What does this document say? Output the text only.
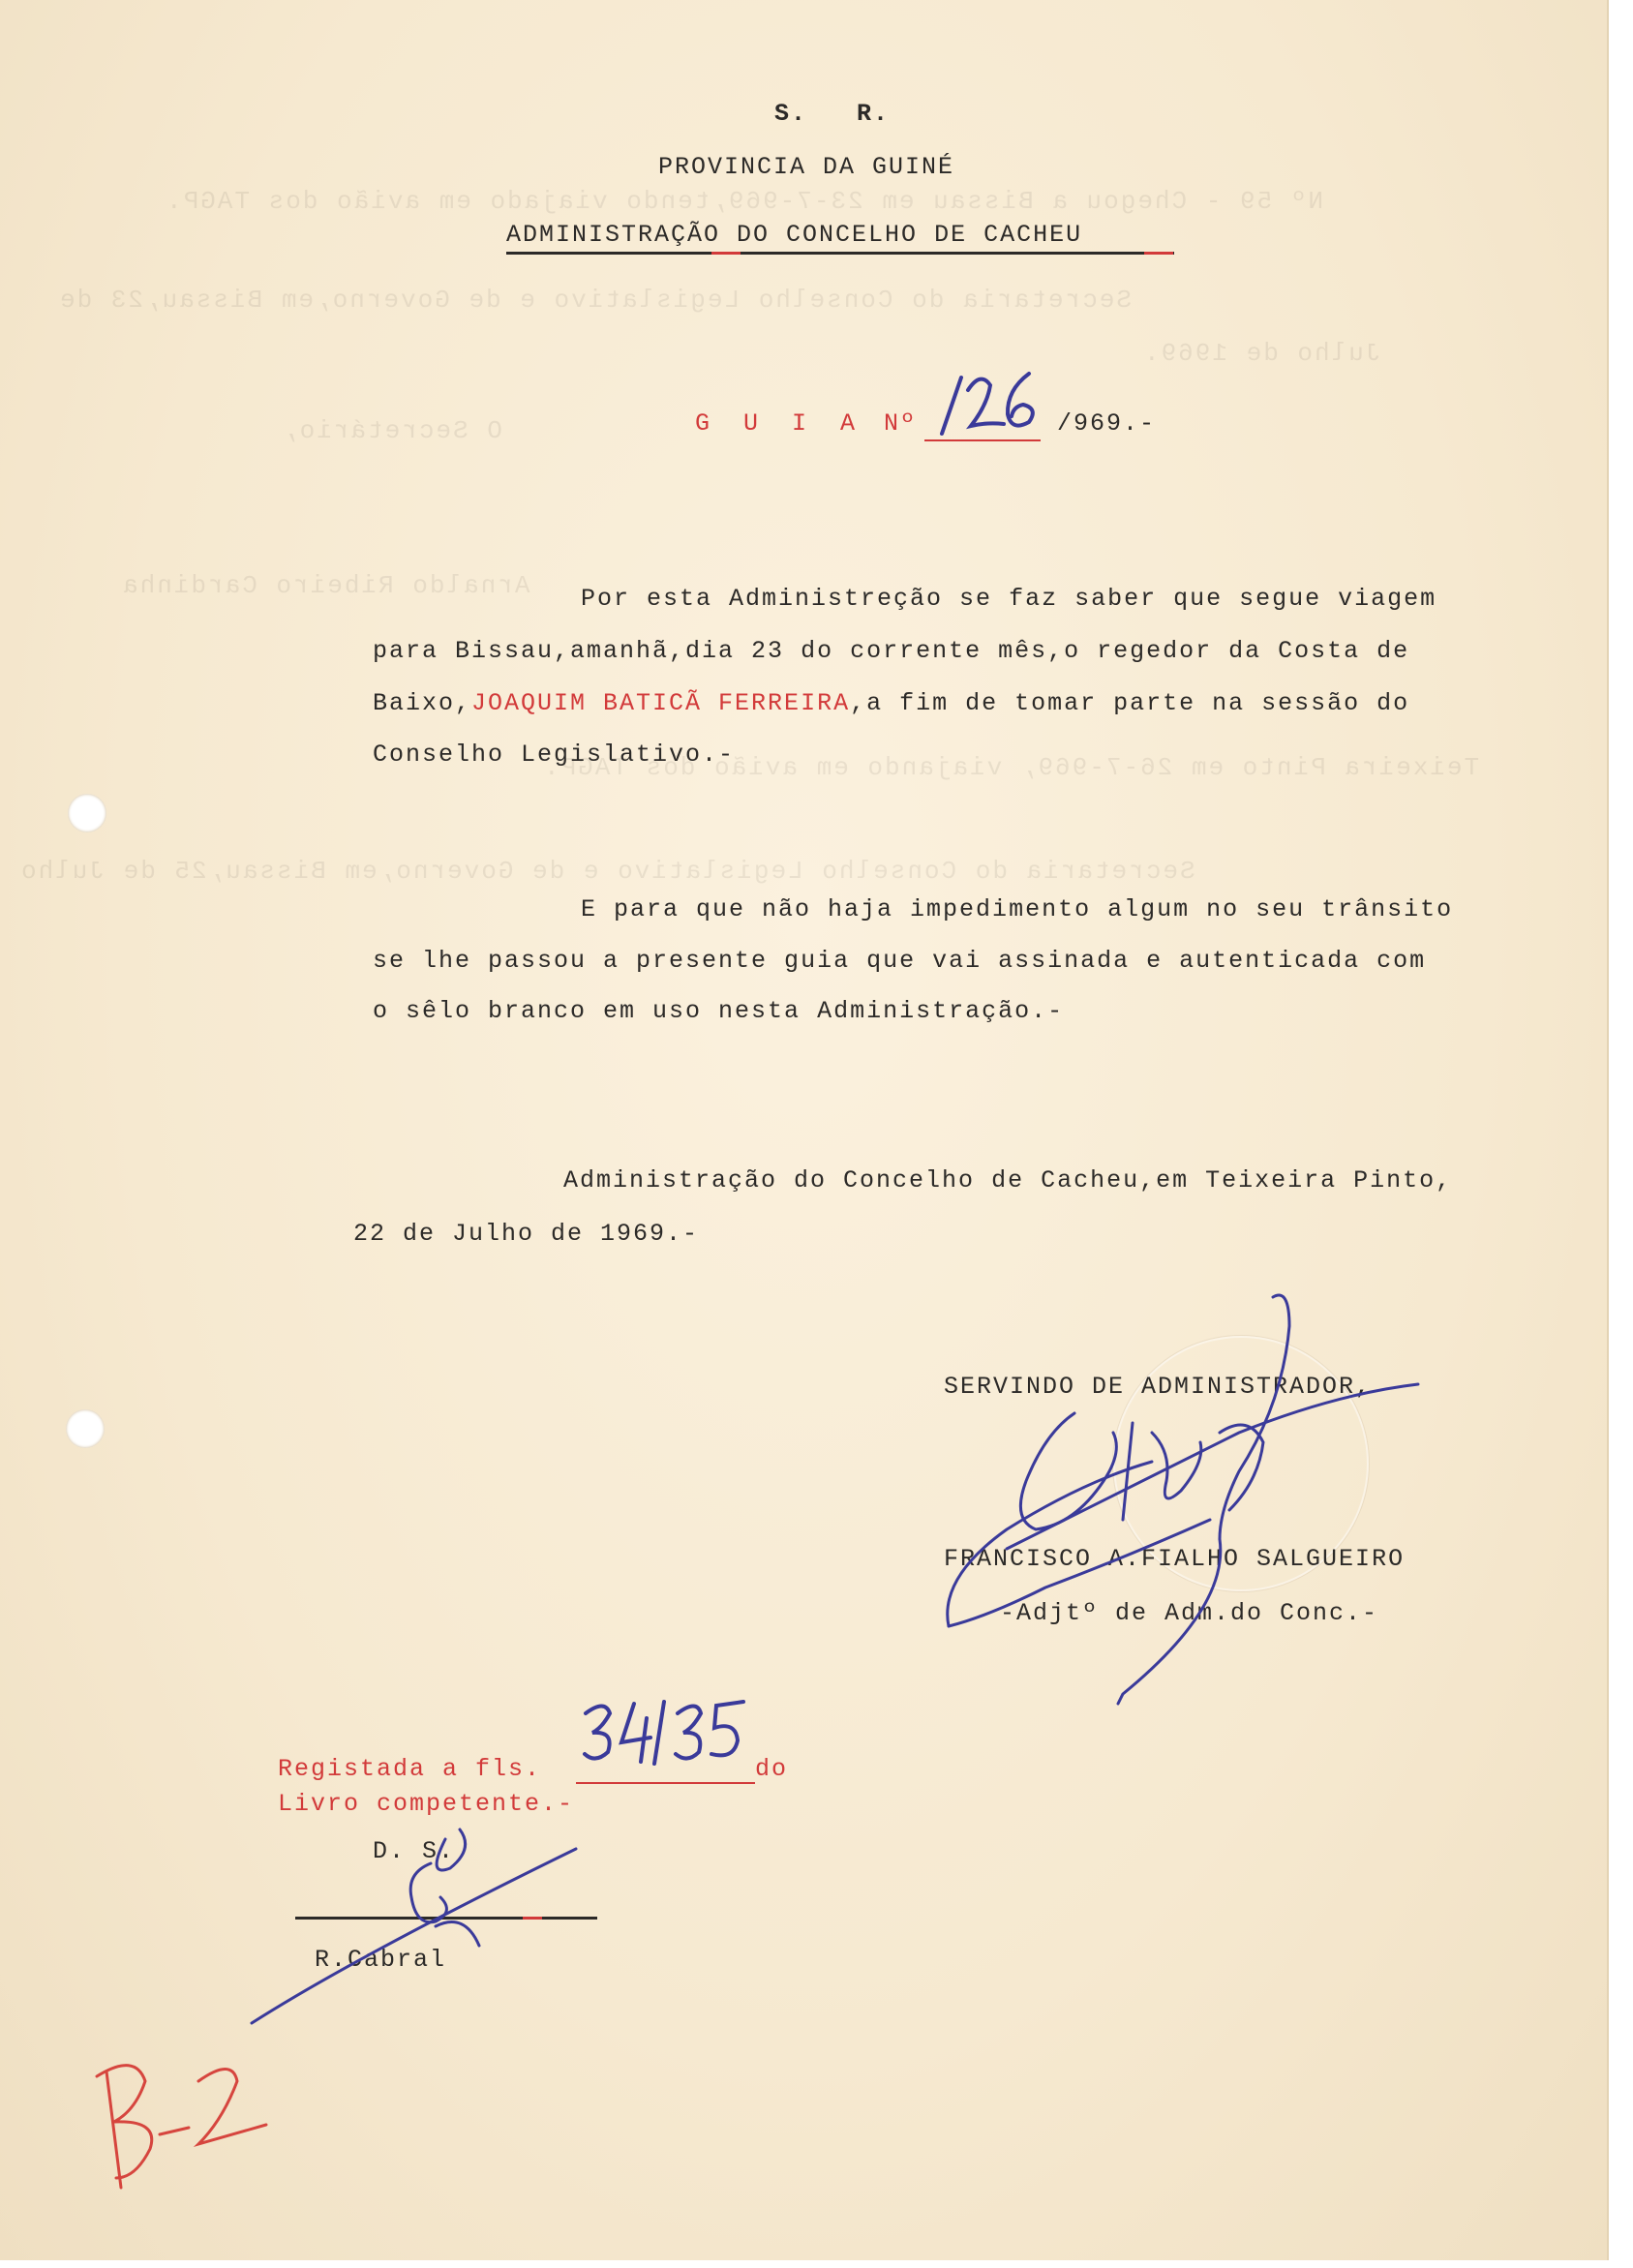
Nº 59 - Chegou a Bissau em 23-7-969,tendo viajado em avião dos TAGP.
Secretaria do Conselho Legislativo e de Governo,em Bissau,23 de
Julho de 1969.
O Secretário,
Arnaldo Ribeiro Cardinha
Teixeira Pinto em 26-7-969, viajando em avião dos TAGP.
Secretaria do Conselho Legislativo e de Governo,em Bissau,25 de Julho
S.   R.
PROVINCIA DA GUINÉ
ADMINISTRAÇÃO DO CONCELHO DE CACHEU
G U I A Nº	/969.-
Por esta Administreção se faz saber que segue viagem
para Bissau,amanhã,dia 23 do corrente mês,o regedor da Costa de
Baixo,JOAQUIM BATICÃ FERREIRA,a fim de tomar parte na sessão do
Conselho Legislativo.-
E para que não haja impedimento algum no seu trânsito
se lhe passou a presente guia que vai assinada e autenticada com
o sêlo branco em uso nesta Administração.-
Administração do Concelho de Cacheu,em Teixeira Pinto,
22 de Julho de 1969.-
SERVINDO DE ADMINISTRADOR,
FRANCISCO A.FIALHO SALGUEIRO
-Adjtº de Adm.do Conc.-
Registada a fls.	do
Livro competente.-
D. S.
R.Cabral
